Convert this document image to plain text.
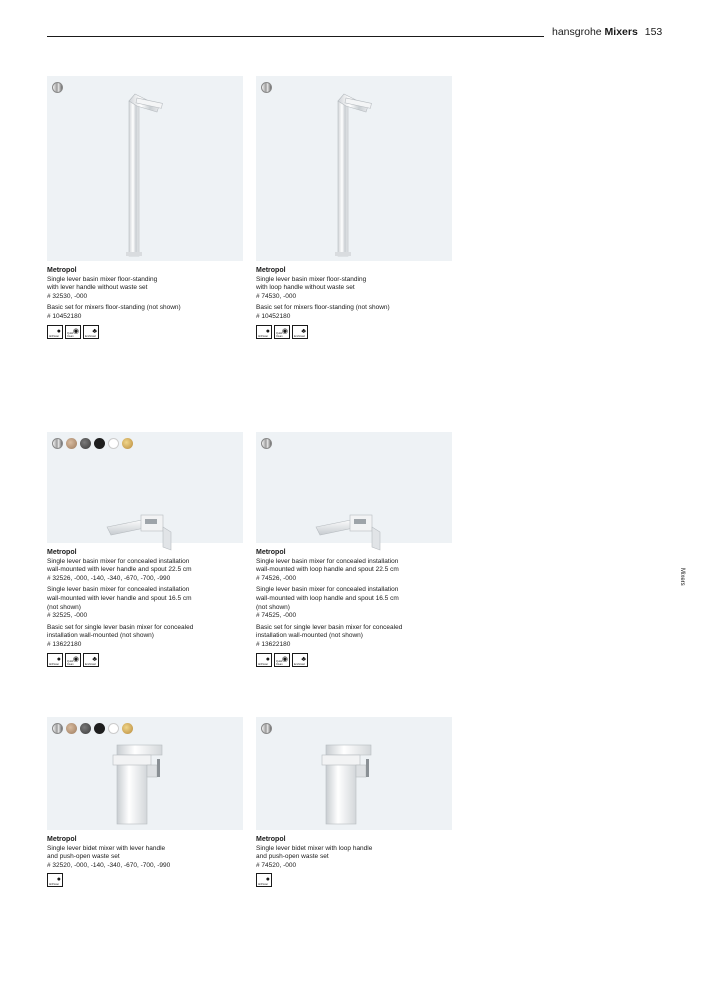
hansgrohe Mixers 153
Mixers

Metropol

Single lever basin mixer floor-standing

with lever handle without waste set

# 32530, -000

Basic set for mixers floor-standing (not shown)

# 10452180

AirPower
● Quick Clean
◉
EcoSmart
♣

Metropol

Single lever basin mixer floor-standing

with loop handle without waste set

# 74530, -000

Basic set for mixers floor-standing (not shown)

# 10452180

AirPower
● Quick Clean
◉
EcoSmart
♣

Metropol

Single lever basin mixer for concealed installation

wall-mounted with lever handle and spout 22.5 cm

# 32526, -000, -140, -340, -670, -700, -990

Single lever basin mixer for concealed installation

wall-mounted with lever handle and spout 16.5 cm

(not shown)

# 32525, -000

Basic set for single lever basin mixer for concealed

installation wall-mounted (not shown)

# 13622180

AirPower
● Quick Clean
◉
EcoSmart
♣

Metropol

Single lever basin mixer for concealed installation

wall-mounted with loop handle and spout 22.5 cm

# 74526, -000

Single lever basin mixer for concealed installation

wall-mounted with loop handle and spout 16.5 cm

(not shown)

# 74525, -000

Basic set for single lever basin mixer for concealed

installation wall-mounted (not shown)

# 13622180

AirPower
● Quick Clean
◉
EcoSmart
♣

Metropol

Single lever bidet mixer with lever handle

and push-open waste set

# 32520, -000, -140, -340, -670, -700, -990

AirPower
●

Metropol

Single lever bidet mixer with loop handle

and push-open waste set

# 74520, -000

AirPower
●
